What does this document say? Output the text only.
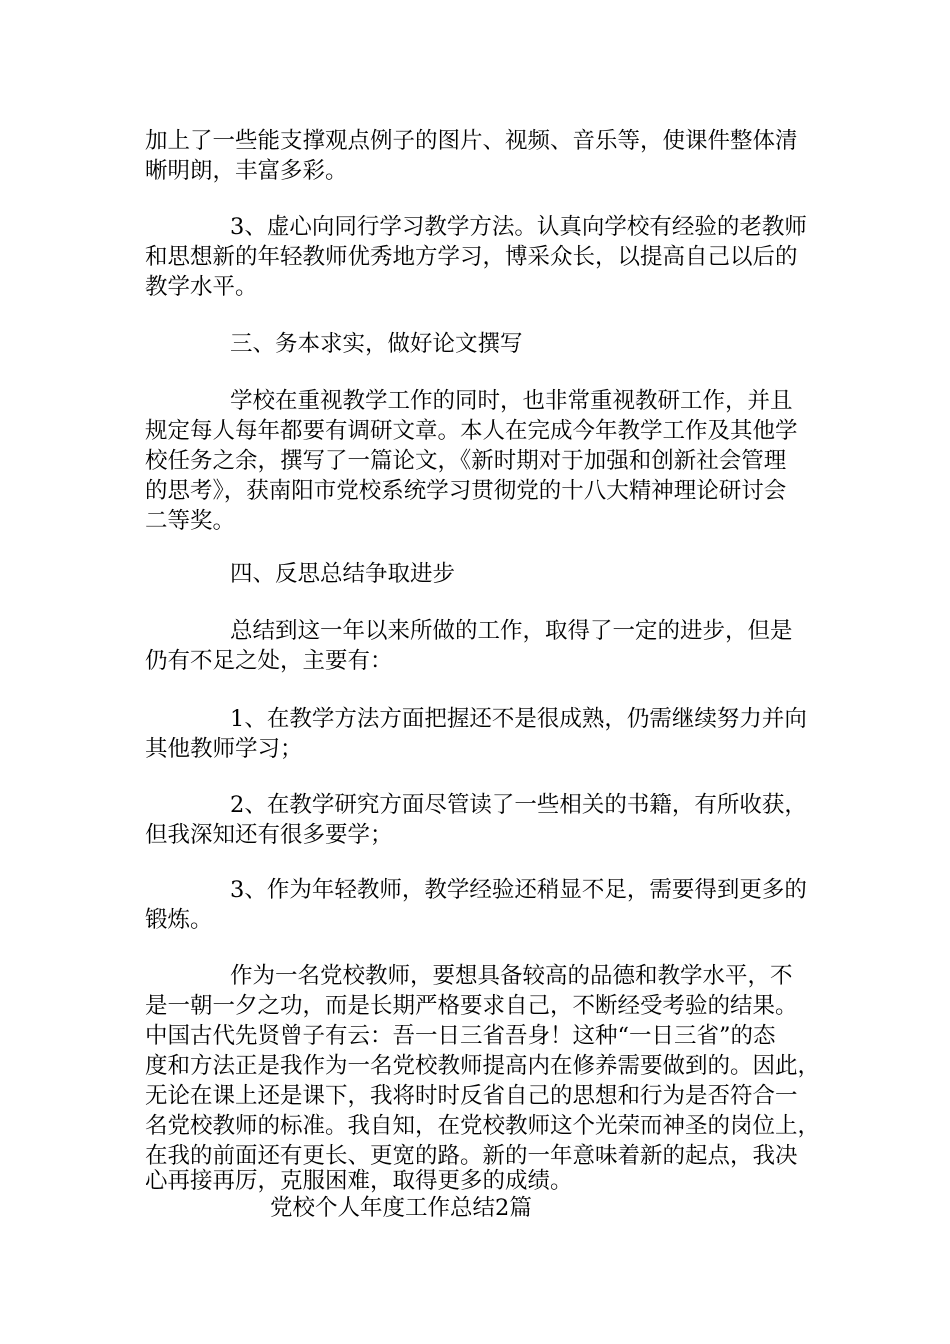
加上了一些能支撑观点例子的图片、视频、音乐等，使课件整体清

晰明朗，丰富多彩。

3、虚心向同行学习教学方法。认真向学校有经验的老教师

和思想新的年轻教师优秀地方学习，博采众长，以提高自己以后的

教学水平。

三、务本求实，做好论文撰写

学校在重视教学工作的同时，也非常重视教研工作，并且

规定每人每年都要有调研文章。本人在完成今年教学工作及其他学

校任务之余，撰写了一篇论文，《新时期对于加强和创新社会管理

的思考》，获南阳市党校系统学习贯彻党的十八大精神理论研讨会

二等奖。

四、反思总结争取进步

总结到这一年以来所做的工作，取得了一定的进步，但是

仍有不足之处，主要有：

1、在教学方法方面把握还不是很成熟，仍需继续努力并向

其他教师学习；

2、在教学研究方面尽管读了一些相关的书籍，有所收获，

但我深知还有很多要学；

3、作为年轻教师，教学经验还稍显不足，需要得到更多的

锻炼。

作为一名党校教师，要想具备较高的品德和教学水平，不

是一朝一夕之功，而是长期严格要求自己，不断经受考验的结果。

中国古代先贤曾子有云：吾一日三省吾身！这种“一日三省”的态

度和方法正是我作为一名党校教师提高内在修养需要做到的。因此，

无论在课上还是课下，我将时时反省自己的思想和行为是否符合一

名党校教师的标准。我自知，在党校教师这个光荣而神圣的岗位上，

在我的前面还有更长、更宽的路。新的一年意味着新的起点，我决

心再接再厉，克服困难，取得更多的成绩。

党校个人年度工作总结2篇
